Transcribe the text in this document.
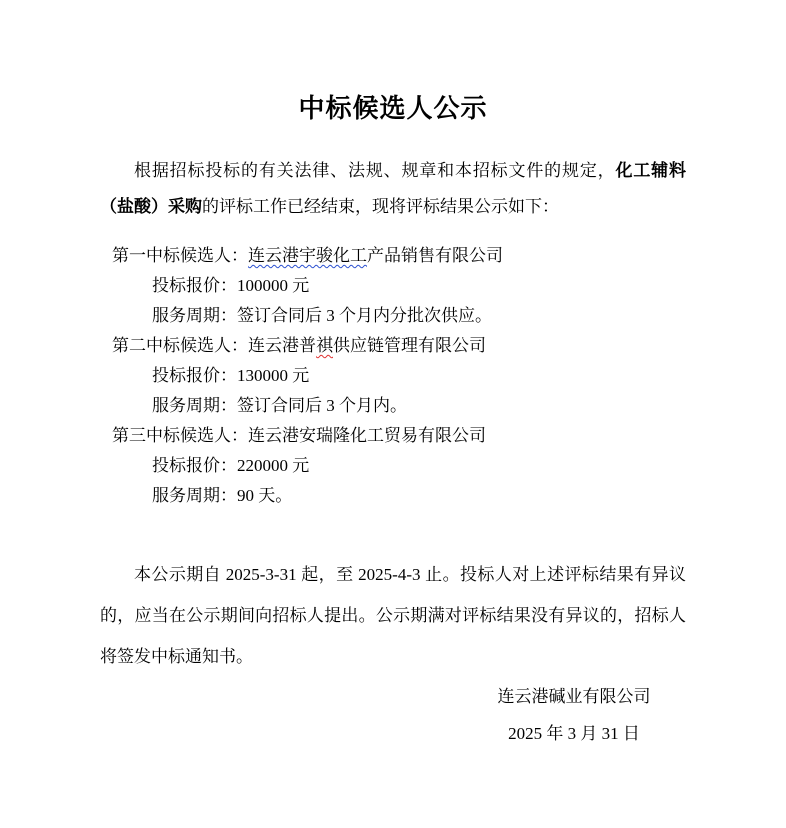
中标候选人公示

根据招标投标的有关法律、法规、规章和本招标文件的规定，化工辅料（盐酸）采购的评标工作已经结束，现将评标结果公示如下：

第一中标候选人：连云港宇骏化工产品销售有限公司
投标报价：100000 元
服务周期：签订合同后 3 个月内分批次供应。
第二中标候选人：连云港普祺供应链管理有限公司
投标报价：130000 元
服务周期：签订合同后 3 个月内。
第三中标候选人：连云港安瑞隆化工贸易有限公司
投标报价：220000 元
服务周期：90 天。

本公示期自 2025-3-31 起，至 2025-4-3 止。投标人对上述评标结果有异议的，应当在公示期间向招标人提出。公示期满对评标结果没有异议的，招标人将签发中标通知书。

连云港碱业有限公司
2025 年 3 月 31 日
